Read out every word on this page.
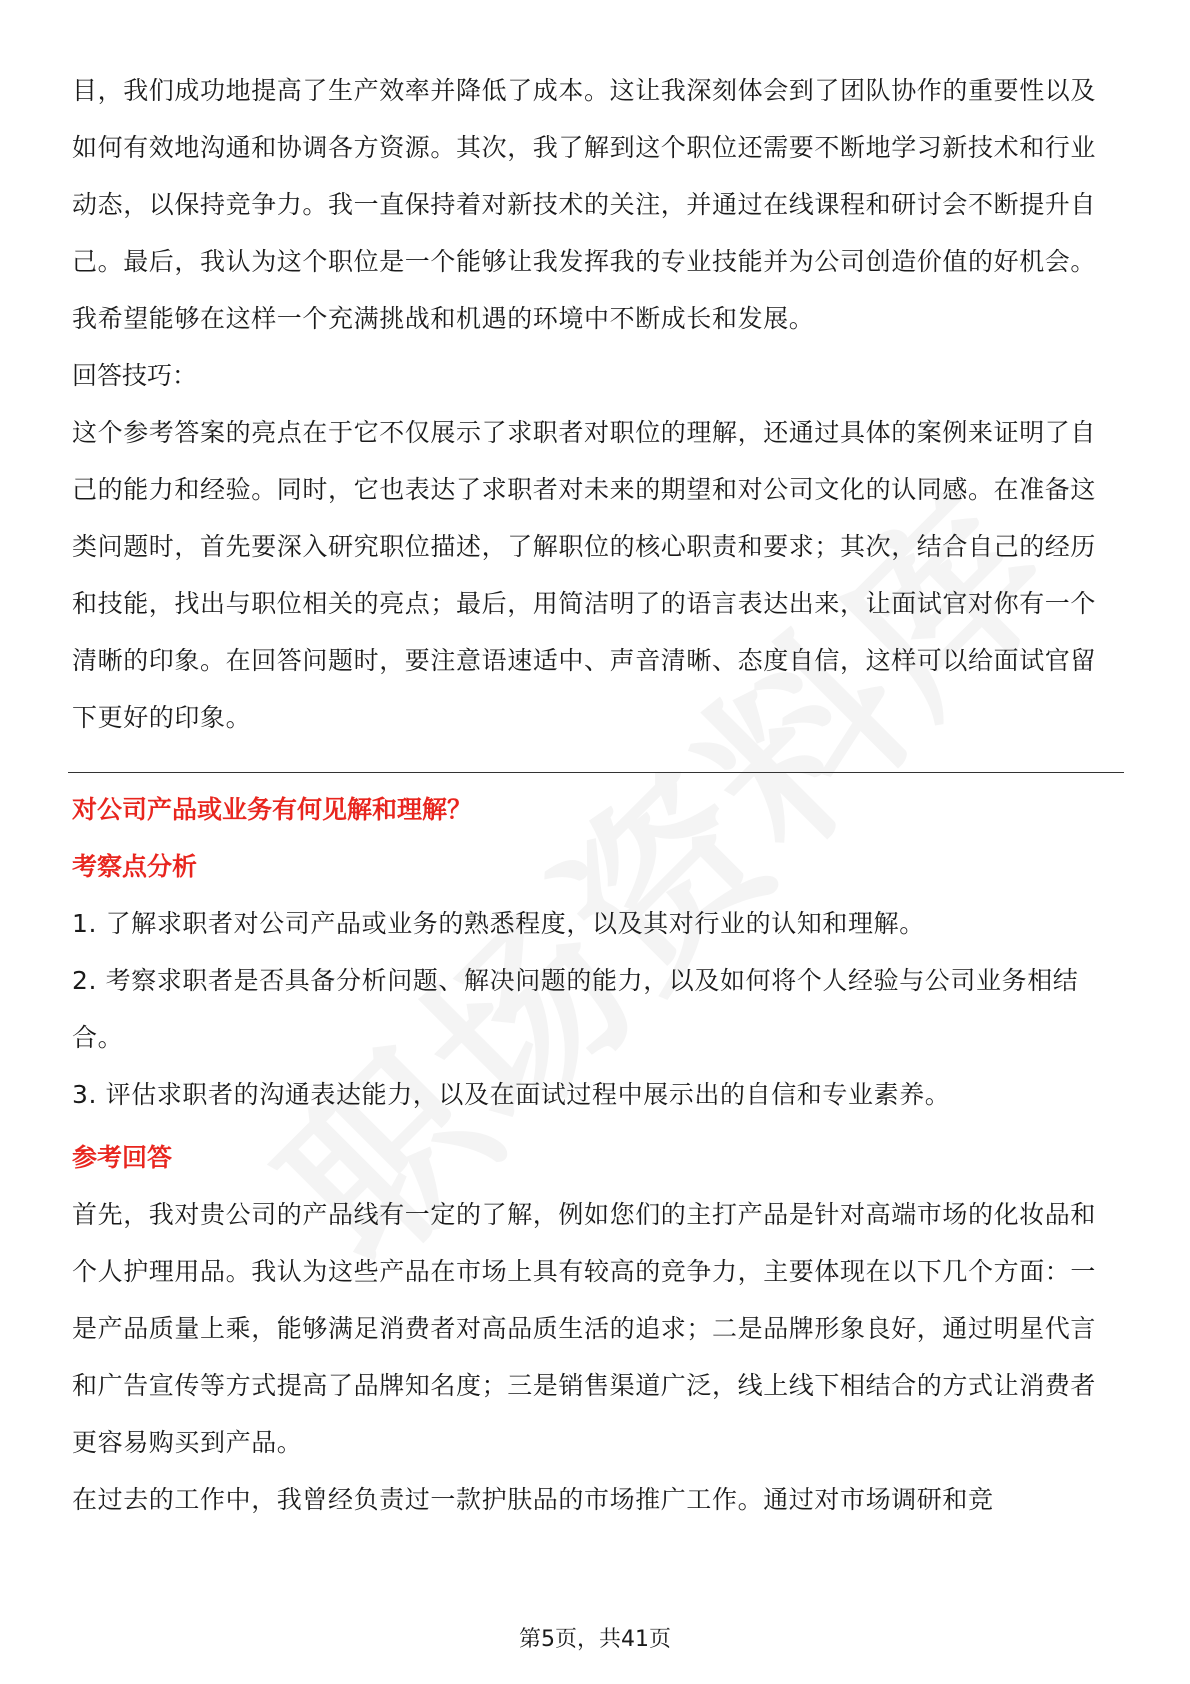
目，我们成功地提高了生产效率并降低了成本。这让我深刻体会到了团队协作的重要性以及如何有效地沟通和协调各方资源。其次，我了解到这个职位还需要不断地学习新技术和行业动态，以保持竞争力。我一直保持着对新技术的关注，并通过在线课程和研讨会不断提升自己。最后，我认为这个职位是一个能够让我发挥我的专业技能并为公司创造价值的好机会。我希望能够在这样一个充满挑战和机遇的环境中不断成长和发展。

回答技巧：

这个参考答案的亮点在于它不仅展示了求职者对职位的理解，还通过具体的案例来证明了自己的能力和经验。同时，它也表达了求职者对未来的期望和对公司文化的认同感。在准备这类问题时，首先要深入研究职位描述，了解职位的核心职责和要求；其次，结合自己的经历和技能，找出与职位相关的亮点；最后，用简洁明了的语言表达出来，让面试官对你有一个清晰的印象。在回答问题时，要注意语速适中、声音清晰、态度自信，这样可以给面试官留下更好的印象。

对公司产品或业务有何见解和理解？

考察点分析

1. 了解求职者对公司产品或业务的熟悉程度，以及其对行业的认知和理解。

2. 考察求职者是否具备分析问题、解决问题的能力，以及如何将个人经验与公司业务相结合。

3. 评估求职者的沟通表达能力，以及在面试过程中展示出的自信和专业素养。

参考回答

首先，我对贵公司的产品线有一定的了解，例如您们的主打产品是针对高端市场的化妆品和个人护理用品。我认为这些产品在市场上具有较高的竞争力，主要体现在以下几个方面：一是产品质量上乘，能够满足消费者对高品质生活的追求；二是品牌形象良好，通过明星代言和广告宣传等方式提高了品牌知名度；三是销售渠道广泛，线上线下相结合的方式让消费者更容易购买到产品。

在过去的工作中，我曾经负责过一款护肤品的市场推广工作。通过对市场调研和竞

第5页，共41页
